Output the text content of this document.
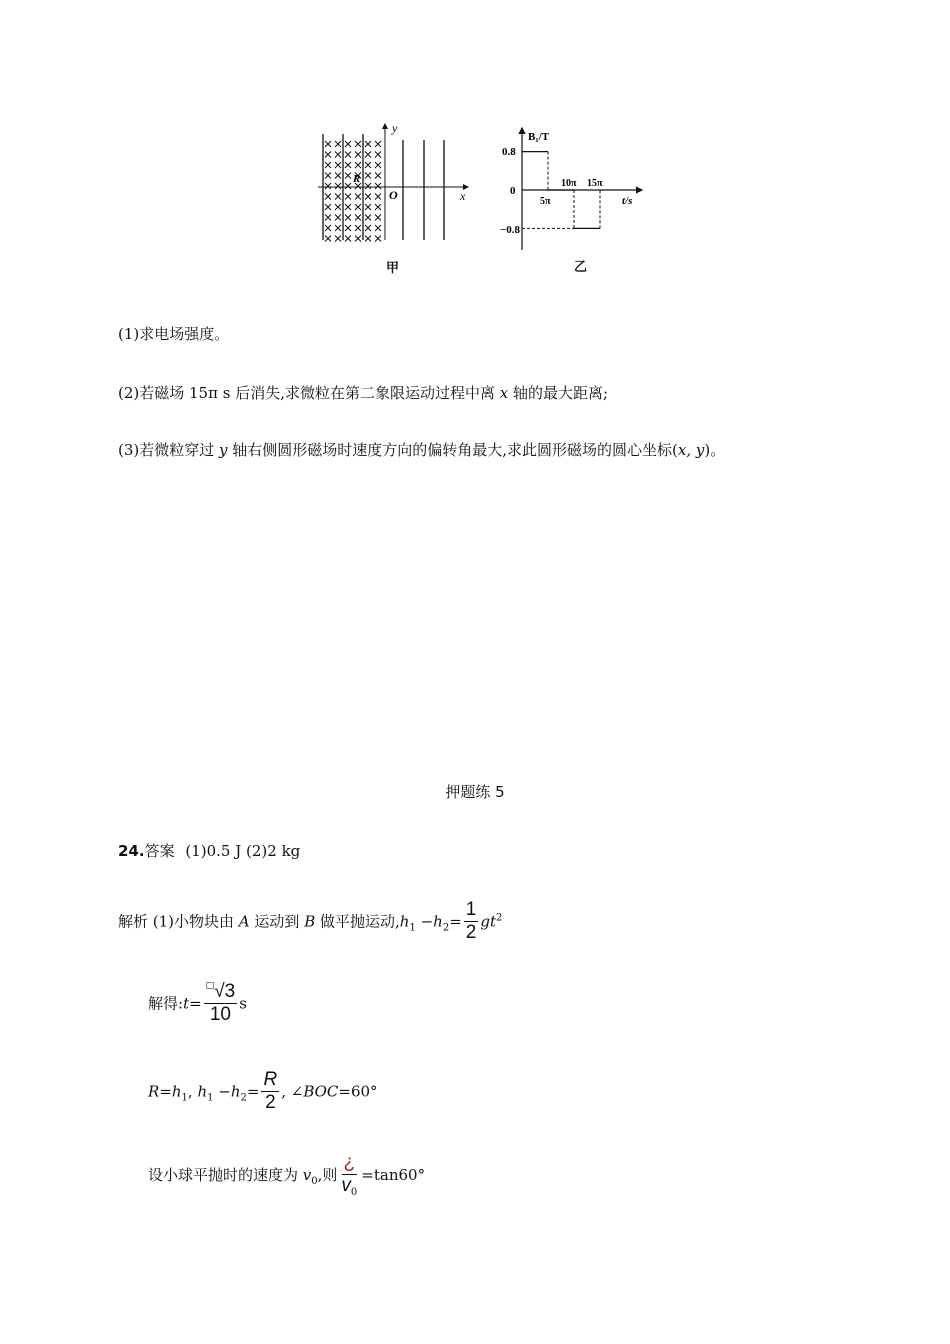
y
x
O
R
甲
B₁/T
t/s
0.8
0
−0.8
5π
10π 15π
乙
(1)求电场强度。
(2)若磁场 15π s 后消失,求微粒在第二象限运动过程中离 x 轴的最大距离;
(3)若微粒穿过 y 轴右侧圆形磁场时速度方向的偏转角最大,求此圆形磁场的圆心坐标(x, y)。
押题练 5
24.答案 (1)0.5 J (2)2 kg
解析 (1)小物块由 A 运动到 B 做平抛运动$,h_1 -h_2= \frac{1}{2} gt^2$
解得:t= $\frac{^□√3}{10}$ s
$R=h_1$, $h_1 -h_2= \frac{R}{2}$ , ∠BOC=60°
设小球平抛时的速度为 $v_0$,则 $\frac{¿}{v_0} =\tan 60^\circ$
